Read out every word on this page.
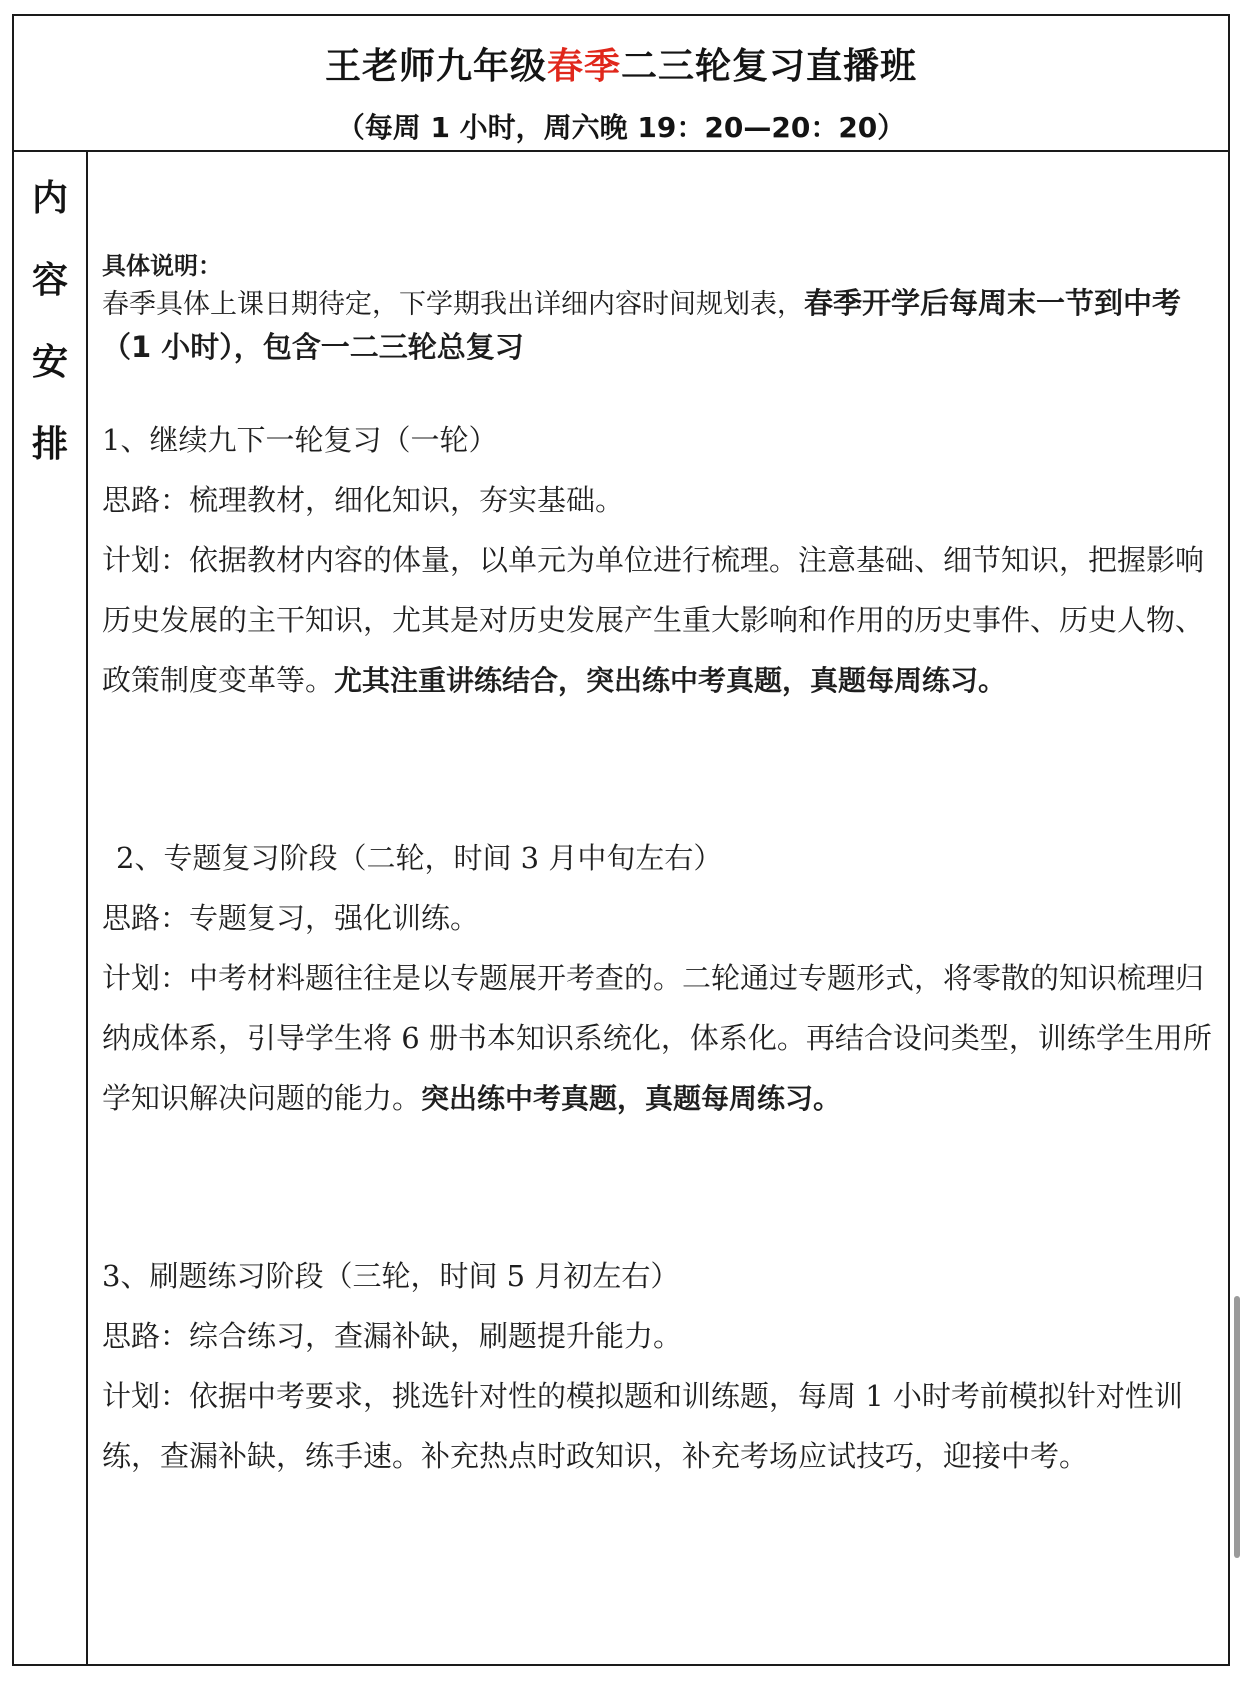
王老师九年级春季二三轮复习直播班
（每周 1 小时，周六晚 19：20—20：20）
内
容
安
排
具体说明：
春季具体上课日期待定，下学期我出详细内容时间规划表，春季开学后每周末一节到中考（1 小时），包含一二三轮总复习
1、继续九下一轮复习（一轮）
思路：梳理教材，细化知识，夯实基础。
计划：依据教材内容的体量，以单元为单位进行梳理。注意基础、细节知识，把握影响历史发展的主干知识，尤其是对历史发展产生重大影响和作用的历史事件、历史人物、政策制度变革等。尤其注重讲练结合，突出练中考真题，真题每周练习。
2、专题复习阶段（二轮，时间 3 月中旬左右）
思路：专题复习，强化训练。
计划：中考材料题往往是以专题展开考查的。二轮通过专题形式，将零散的知识梳理归纳成体系，引导学生将 6 册书本知识系统化，体系化。再结合设问类型，训练学生用所学知识解决问题的能力。突出练中考真题，真题每周练习。
3、刷题练习阶段（三轮，时间 5 月初左右）
思路：综合练习，查漏补缺，刷题提升能力。
计划：依据中考要求，挑选针对性的模拟题和训练题，每周 1 小时考前模拟针对性训练，查漏补缺，练手速。补充热点时政知识，补充考场应试技巧，迎接中考。
